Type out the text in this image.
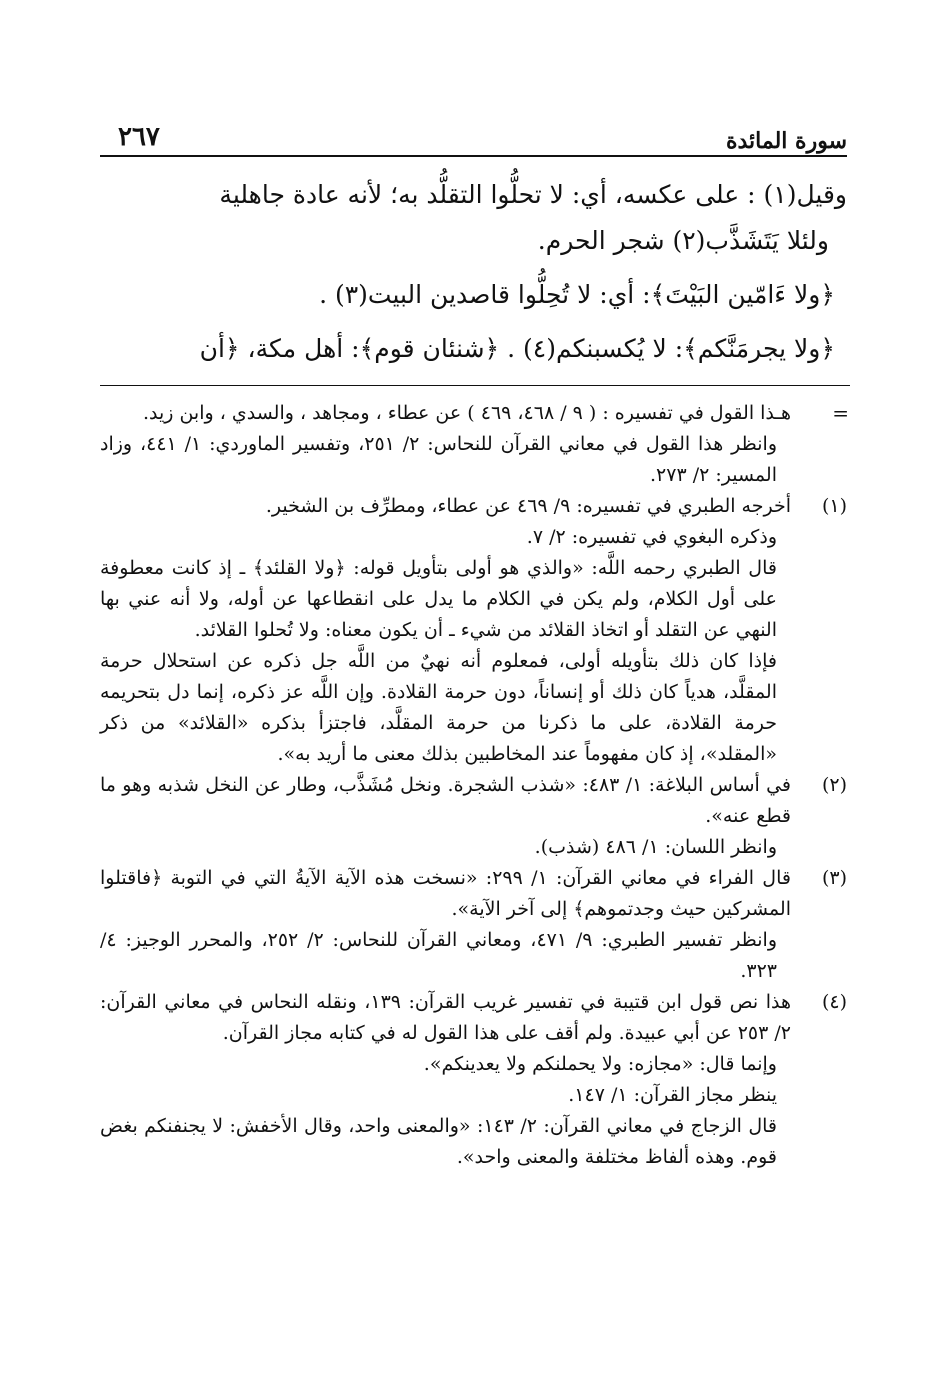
سورة المائدة
٢٦٧

وقيل(١) : على عكسه، أي: لا تحلُّوا التقلُّد به؛ لأنه عادة جاهلية

ولئلا يَتَشَذَّب(٢) شجر الحرم.

﴿ولا ءَامّين البَيْتَ﴾: أي: لا تُحِلُّوا قاصدين البيت(٣) .

﴿ولا يجرمَنَّكم﴾: لا يُكسبنكم(٤) . ﴿شنئان قوم﴾: أهل مكة، ﴿أن

=

هـذا القول في تفسيره : ( ٩ / ٤٦٨، ٤٦٩ ) عن عطاء ، ومجاهد ، والسدي ، وابن زيد.

وانظر هذا القول في معاني القرآن للنحاس: ٢/ ٢٥١، وتفسير الماوردي: ١/ ٤٤١، وزاد المسير: ٢/ ٢٧٣.

(١)

أخرجه الطبري في تفسيره: ٩/ ٤٦٩ عن عطاء، ومطرِّف بن الشخير.

وذكره البغوي في تفسيره: ٢/ ٧.

قال الطبري رحمه اللَّه: «والذي هو أولى بتأويل قوله: ﴿ولا القلئد﴾ ـ إذ كانت معطوفة على أول الكلام، ولم يكن في الكلام ما يدل على انقطاعها عن أوله، ولا أنه عني بها النهي عن التقلد أو اتخاذ القلائد من شيء ـ أن يكون معناه: ولا تُحلوا القلائد.

فإذا كان ذلك بتأويله أولى، فمعلوم أنه نهيٌ من اللَّه جل ذكره عن استحلال حرمة المقلَّد، هدياً كان ذلك أو إنساناً، دون حرمة القلادة. وإن اللَّه عز ذكره، إنما دل بتحريمه حرمة القلادة، على ما ذكرنا من حرمة المقلَّد، فاجتزأ بذكره «القلائد» من ذكر «المقلد»، إذ كان مفهوماً عند المخاطبين بذلك معنى ما أريد به».

(٢)

في أساس البلاغة: ١/ ٤٨٣: «شذب الشجرة. ونخل مُشَذَّب، وطار عن النخل شذبه وهو ما قطع عنه».

وانظر اللسان: ١/ ٤٨٦ (شذب).

(٣)

قال الفراء في معاني القرآن: ١/ ٢٩٩: «نسخت هذه الآية الآيةُ التي في التوبة ﴿فاقتلوا المشركين حيث وجدتموهم﴾ إلى آخر الآية».

وانظر تفسير الطبري: ٩/ ٤٧١، ومعاني القرآن للنحاس: ٢/ ٢٥٢، والمحرر الوجيز: ٤/ ٣٢٣.

(٤)

هذا نص قول ابن قتيبة في تفسير غريب القرآن: ١٣٩، ونقله النحاس في معاني القرآن: ٢/ ٢٥٣ عن أبي عبيدة. ولم أقف على هذا القول له في كتابه مجاز القرآن.

وإنما قال: «مجازه: ولا يحملنكم ولا يعدينكم».

ينظر مجاز القرآن: ١/ ١٤٧.

قال الزجاج في معاني القرآن: ٢/ ١٤٣: «والمعنى واحد، وقال الأخفش: لا يجنفنكم بغض قوم. وهذه ألفاظ مختلفة والمعنى واحد».
